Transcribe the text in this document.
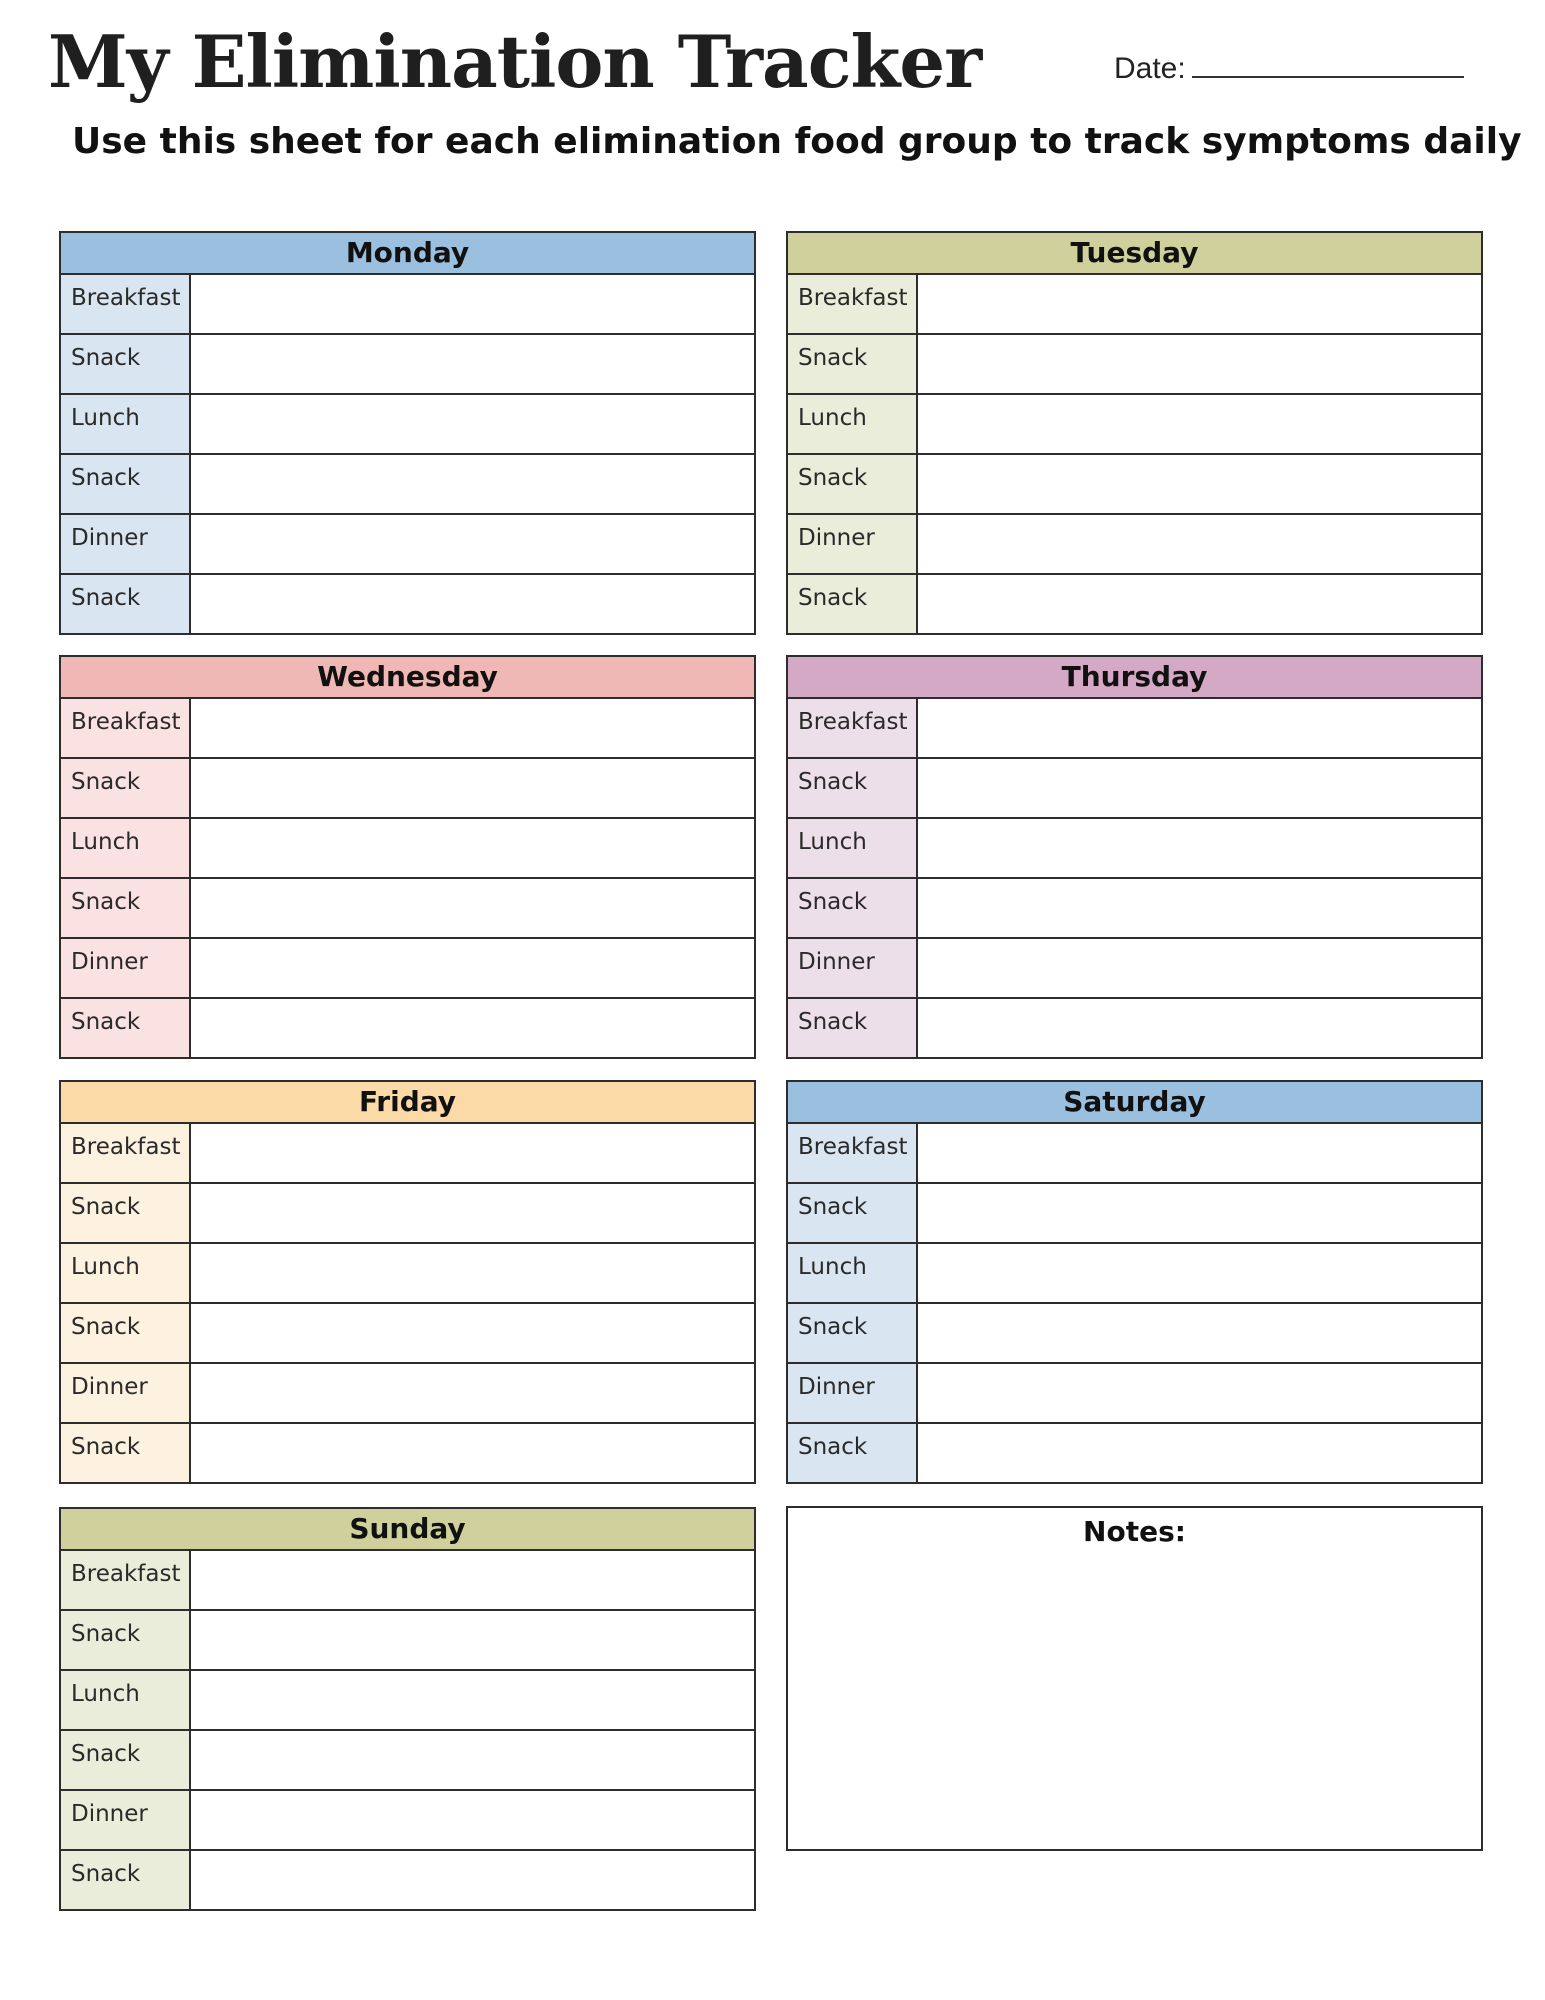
My Elimination Tracker	Date:
Use this sheet for each elimination food group to track symptoms daily
Monday
Breakfast
Snack
Lunch
Snack
Dinner
Snack
Tuesday
Breakfast
Snack
Lunch
Snack
Dinner
Snack
Wednesday
Breakfast
Snack
Lunch
Snack
Dinner
Snack
Thursday
Breakfast
Snack
Lunch
Snack
Dinner
Snack
Friday
Breakfast
Snack
Lunch
Snack
Dinner
Snack
Saturday
Breakfast
Snack
Lunch
Snack
Dinner
Snack
Sunday
Breakfast
Snack
Lunch
Snack
Dinner
Snack
Notes:
